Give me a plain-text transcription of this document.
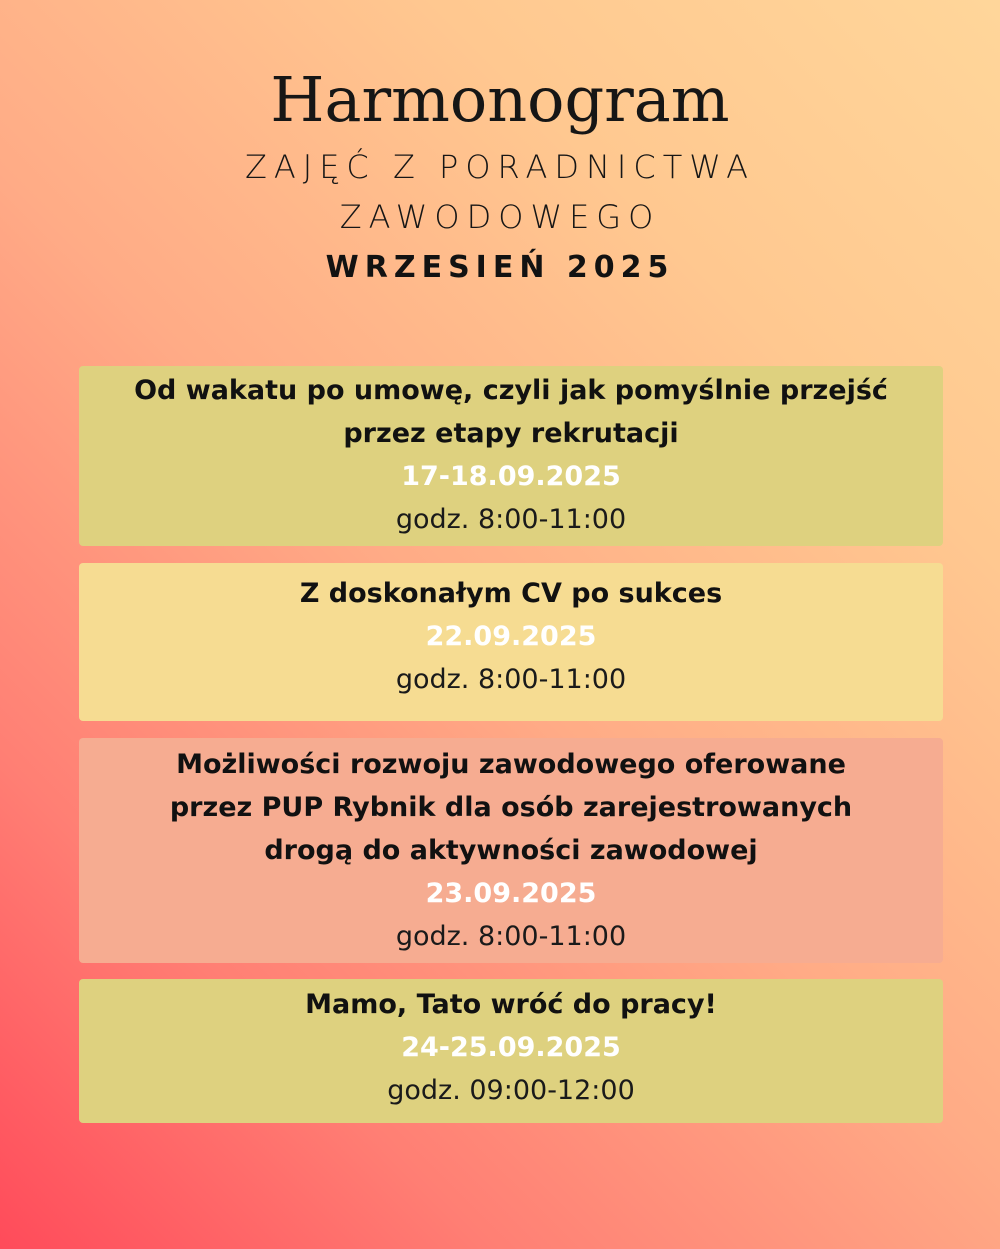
Harmonogram
ZAJĘĆ Z PORADNICTWA
ZAWODOWEGO
WRZESIEŃ 2025
Od wakatu po umowę, czyli jak pomyślnie przejść
przez etapy rekrutacji
17-18.09.2025
godz. 8:00-11:00
Z doskonałym CV po sukces
22.09.2025
godz. 8:00-11:00
Możliwości rozwoju zawodowego oferowane
przez PUP Rybnik dla osób zarejestrowanych
drogą do aktywności zawodowej
23.09.2025
godz. 8:00-11:00
Mamo, Tato wróć do pracy!
24-25.09.2025
godz. 09:00-12:00
